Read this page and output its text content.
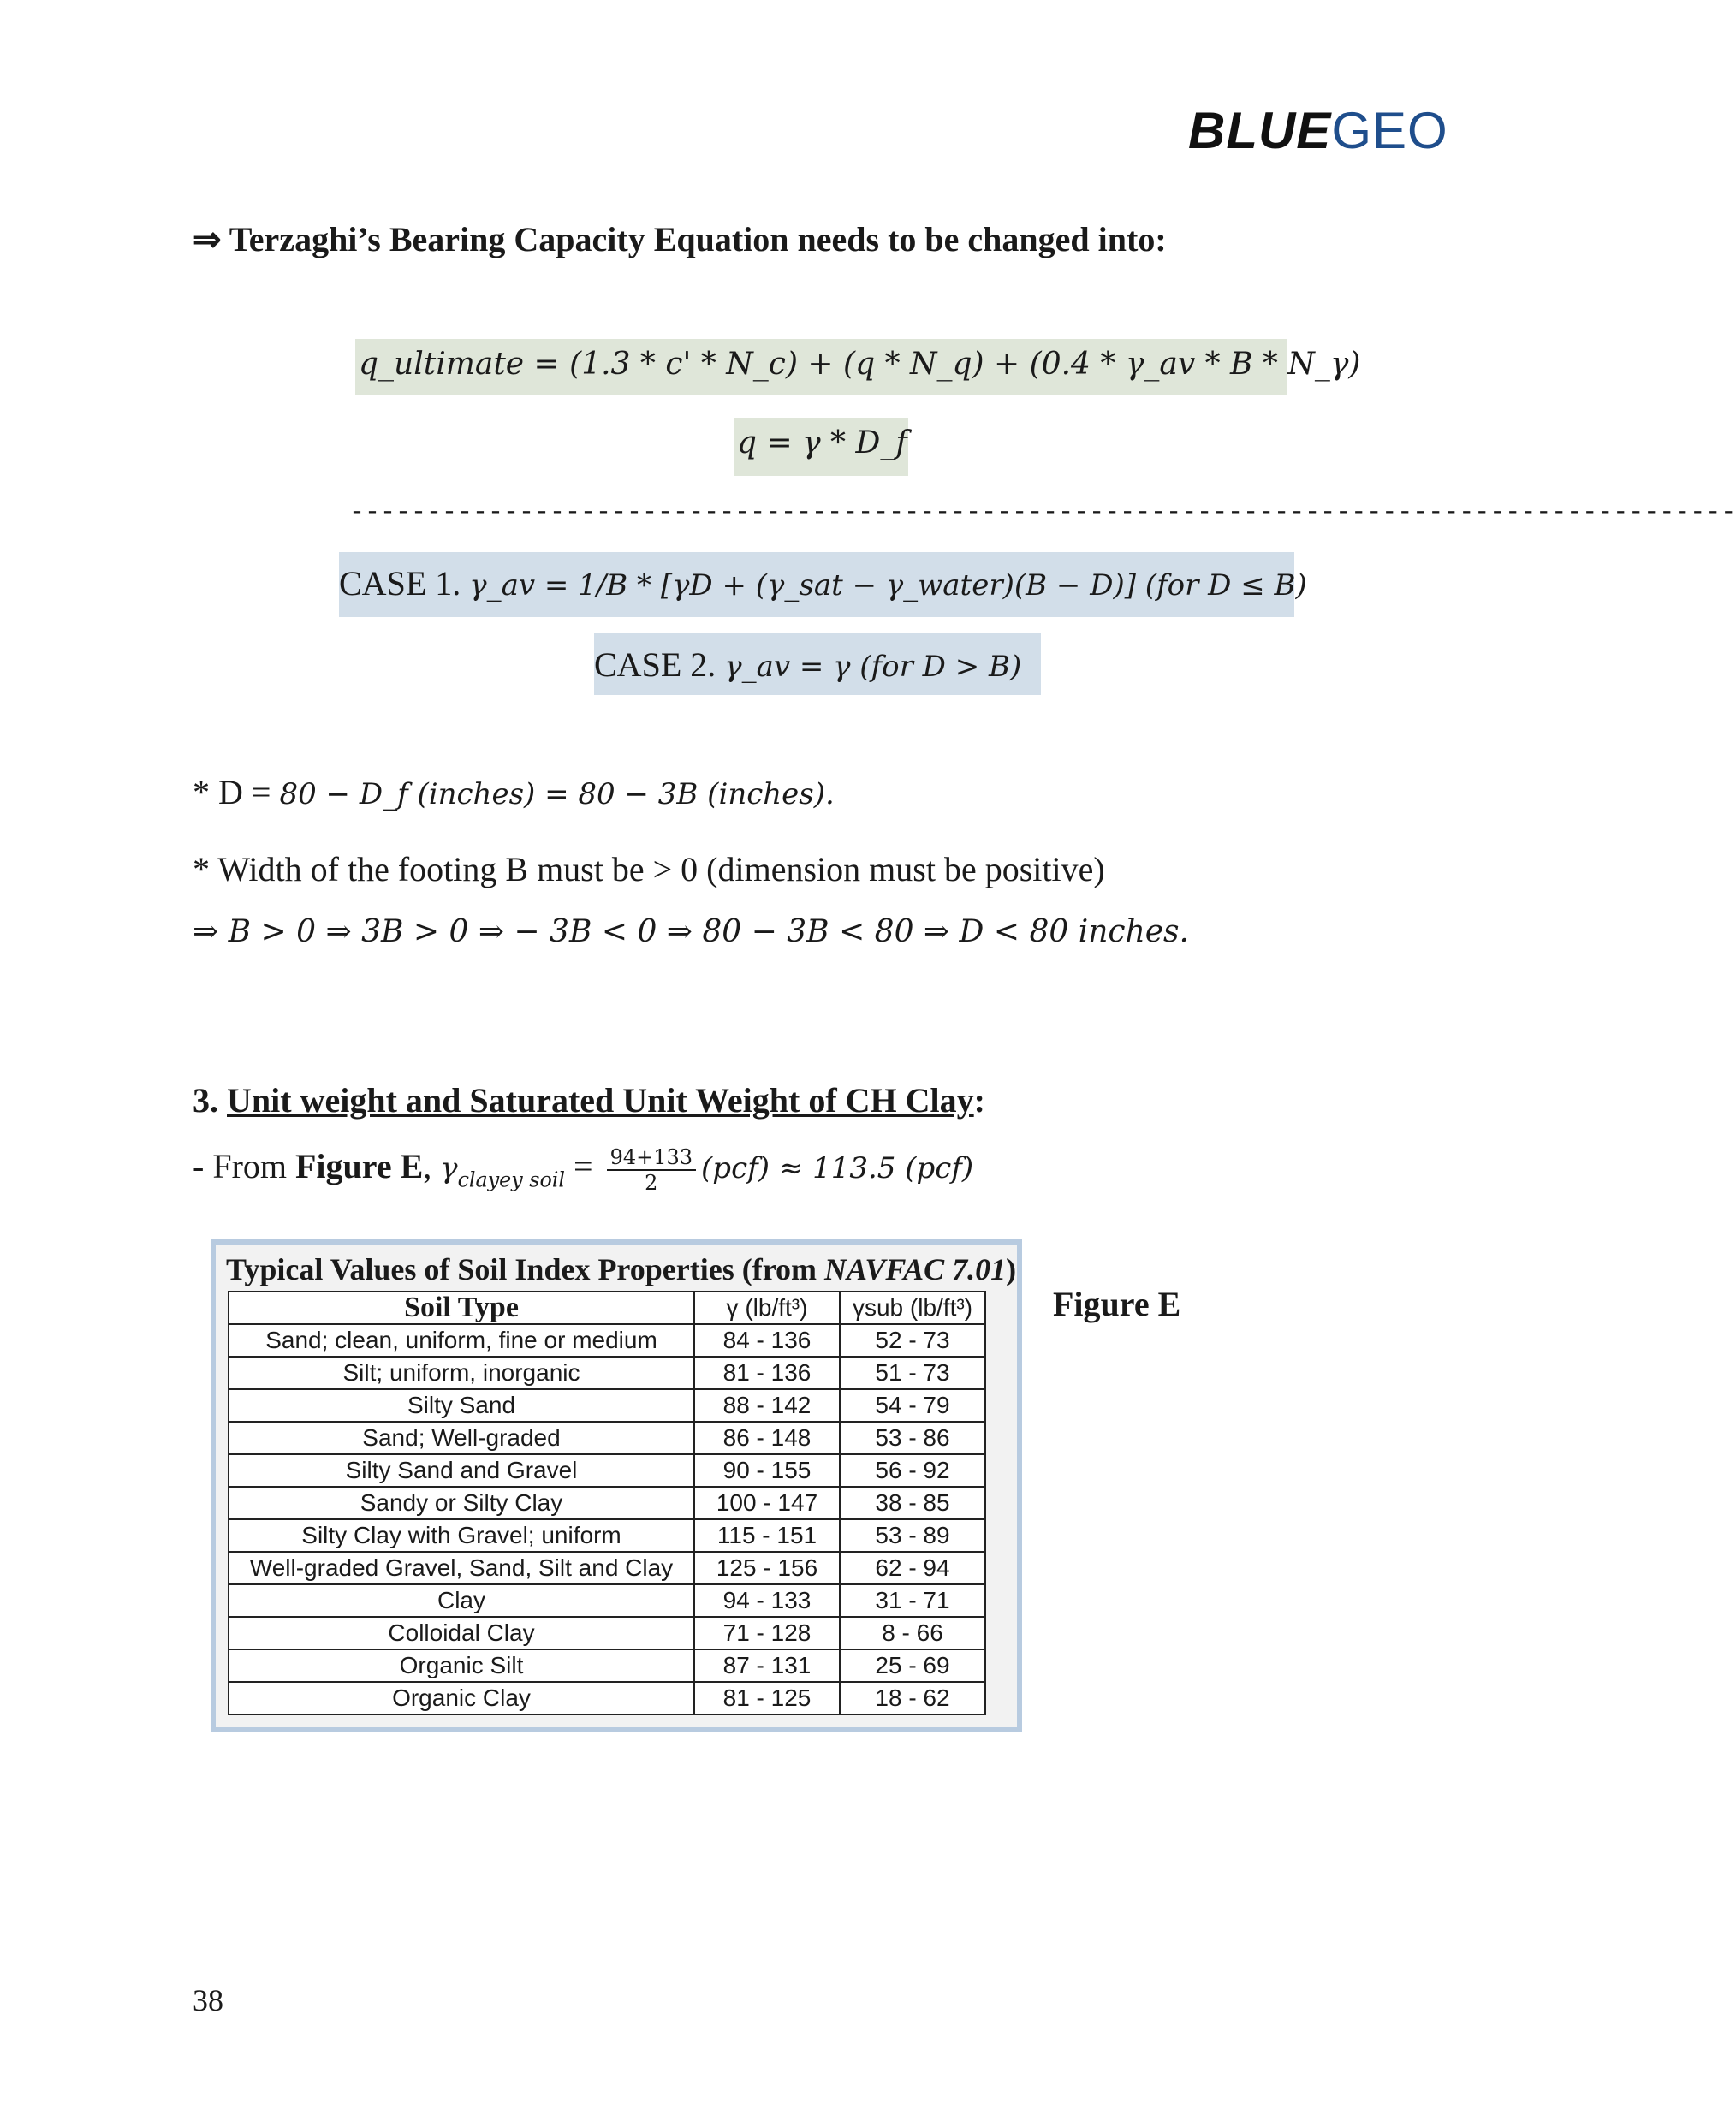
BLUEGEO
⇒ Terzaghi’s Bearing Capacity Equation needs to be changed into:
q_ultimate = (1.3 * c' * N_c) + (q * N_q) + (0.4 * γ_av * B * N_γ)
q = γ * D_f
------------------------------------------------------------------------------------------
CASE 1. γ_av = 1/B * [γD + (γ_sat − γ_water)(B − D)] (for D ≤ B)
CASE 2. γ_av = γ (for D > B)
* D = 80 − D_f (inches) = 80 − 3B (inches).
* Width of the footing B must be > 0 (dimension must be positive)
⇒ B > 0 ⇒ 3B > 0 ⇒ − 3B < 0 ⇒ 80 − 3B < 80 ⇒ D < 80 inches.
3. Unit weight and Saturated Unit Weight of CH Clay:
- From Figure E, $\gamma_{clayey soil} = \frac{94+133}{2} (pcf) \approx 113.5$ (pcf)
Typical Values of Soil Index Properties (from NAVFAC 7.01)
Soil Type	γ (lb/ft³)	γsub (lb/ft³)
Sand; clean, uniform, fine or medium	84 - 136	52 - 73
Silt; uniform, inorganic	81 - 136	51 - 73
Silty Sand	88 - 142	54 - 79
Sand; Well-graded	86 - 148	53 - 86
Silty Sand and Gravel	90 - 155	56 - 92
Sandy or Silty Clay	100 - 147	38 - 85
Silty Clay with Gravel; uniform	115 - 151	53 - 89
Well-graded Gravel, Sand, Silt and Clay	125 - 156	62 - 94
Clay	94 - 133	31 - 71
Colloidal Clay	71 - 128	8 - 66
Organic Silt	87 - 131	25 - 69
Organic Clay	81 - 125	18 - 62
Figure E
38
